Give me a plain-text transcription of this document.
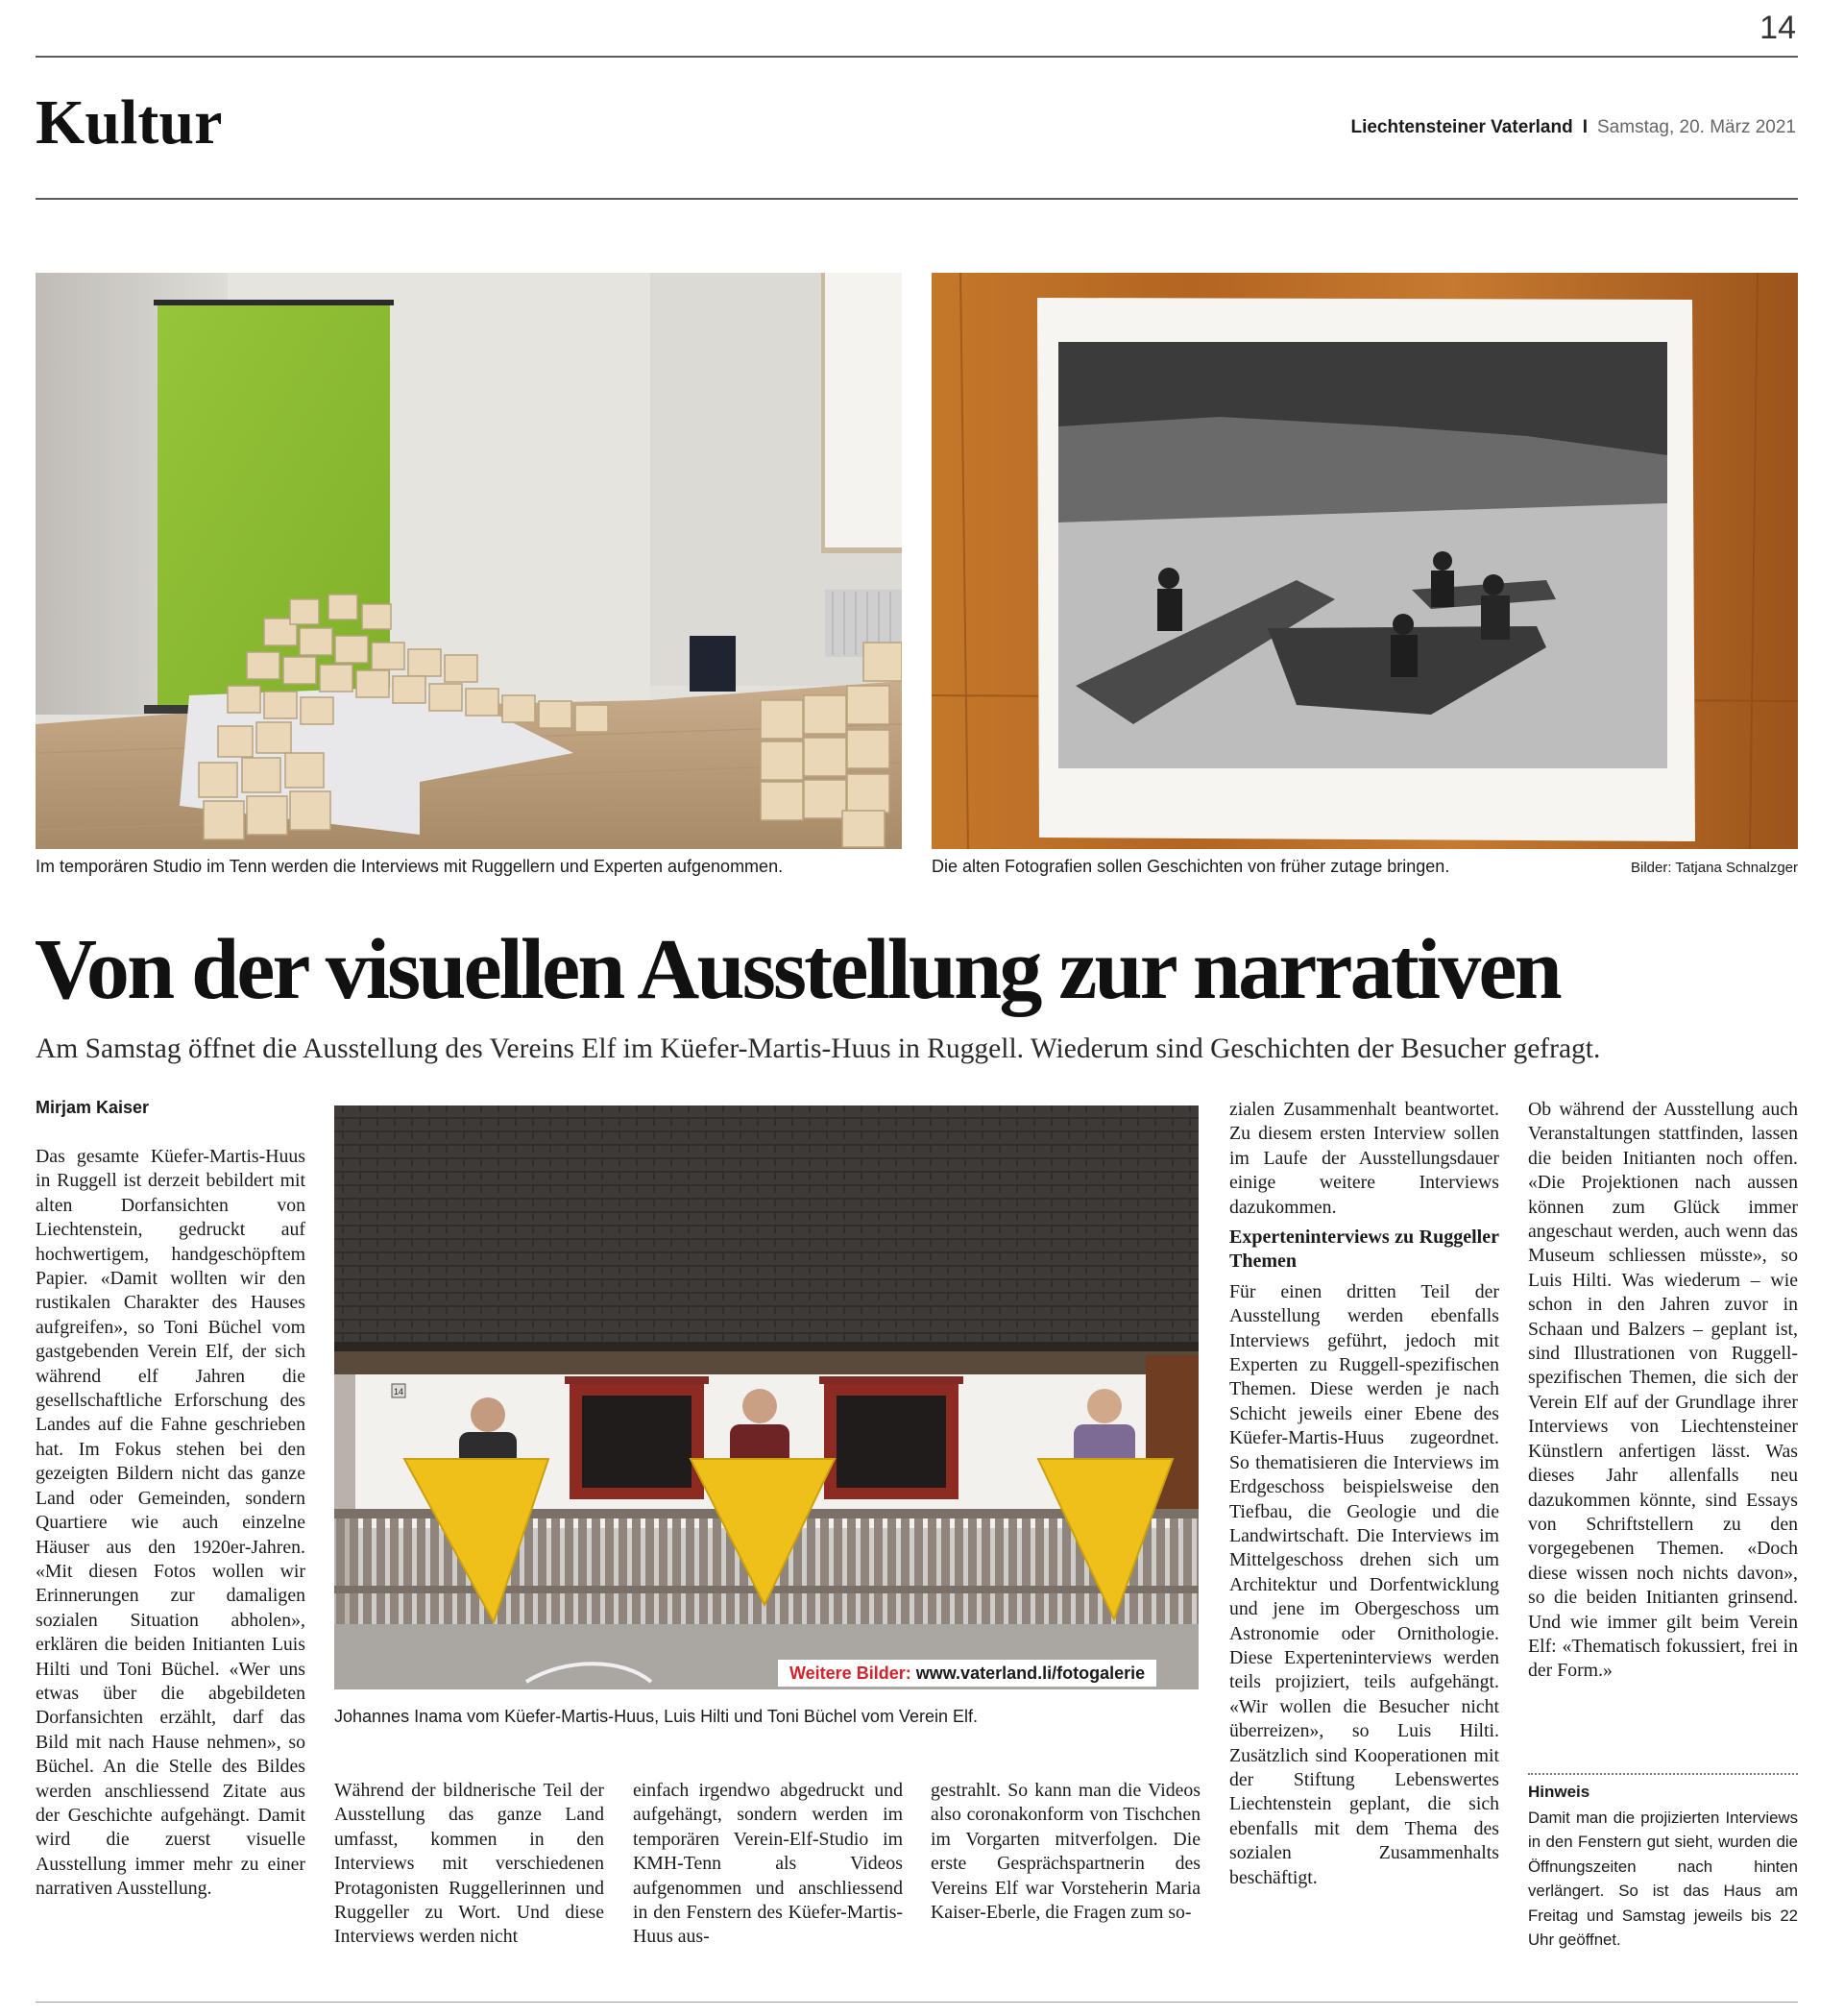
14
Kultur	Liechtensteiner Vaterland I Samstag, 20. März 2021
Im temporären Studio im Tenn werden die Interviews mit Ruggellern und Experten aufgenommen.	Die alten Fotografien sollen Geschichten von früher zutage bringen.	Bilder: Tatjana Schnalzger
Von der visuellen Ausstellung zur narrativen
Am Samstag öffnet die Ausstellung des Vereins Elf im Küefer-Martis-Huus in Ruggell. Wiederum sind Geschichten der Besucher gefragt.
Mirjam Kaiser

Das gesamte Küefer-Martis-Huus in Ruggell ist derzeit bebildert mit alten Dorfansichten von Liechtenstein, gedruckt auf hochwertigem, handgeschöpftem Papier. «Damit wollten wir den rustikalen Charakter des Hauses aufgreifen», so Toni Büchel vom gastgebenden Verein Elf, der sich während elf Jahren die gesellschaftliche Erforschung des Landes auf die Fahne geschrieben hat. Im Fokus stehen bei den gezeigten Bildern nicht das ganze Land oder Gemeinden, sondern Quartiere wie auch einzelne Häuser aus den 1920er-Jahren. «Mit diesen Fotos wollen wir Erinnerungen zur damaligen sozialen Situation abholen», erklären die beiden Initianten Luis Hilti und Toni Büchel. «Wer uns etwas über die abgebildeten Dorfansichten erzählt, darf das Bild mit nach Hause nehmen», so Büchel. An die Stelle des Bildes werden anschliessend Zitate aus der Geschichte aufgehängt. Damit wird die zuerst visuelle Ausstellung immer mehr zu einer narrativen Ausstellung.

14
Weitere Bilder: www.vaterland.li/fotogalerie
Johannes Inama vom Küefer-Martis-Huus, Luis Hilti und Toni Büchel vom Verein Elf.

Während der bildnerische Teil der Ausstellung das ganze Land umfasst, kommen in den Interviews mit verschiedenen Protagonisten Ruggellerinnen und Ruggeller zu Wort. Und diese Interviews werden nicht

einfach irgendwo abgedruckt und aufgehängt, sondern werden im temporären Verein-Elf-Studio im KMH-Tenn als Videos aufgenommen und anschliessend in den Fenstern des Küefer-Martis-Huus aus-

gestrahlt. So kann man die Videos also coronakonform von Tischchen im Vorgarten mitverfolgen. Die erste Gesprächspartnerin des Vereins Elf war Vorsteherin Maria Kaiser-Eberle, die Fragen zum so-

zialen Zusammenhalt beantwortet. Zu diesem ersten Interview sollen im Laufe der Ausstellungsdauer einige weitere Interviews dazukommen.

Experteninterviews zu Ruggeller Themen

Für einen dritten Teil der Ausstellung werden ebenfalls Interviews geführt, jedoch mit Experten zu Ruggell-spezifischen Themen. Diese werden je nach Schicht jeweils einer Ebene des Küefer-Martis-Huus zugeordnet. So thematisieren die Interviews im Erdgeschoss beispielsweise den Tiefbau, die Geologie und die Landwirtschaft. Die Interviews im Mittelgeschoss drehen sich um Architektur und Dorfentwicklung und jene im Obergeschoss um Astronomie oder Ornithologie. Diese Experteninterviews werden teils projiziert, teils aufgehängt. «Wir wollen die Besucher nicht überreizen», so Luis Hilti. Zusätzlich sind Kooperationen mit der Stiftung Lebenswertes Liechtenstein geplant, die sich ebenfalls mit dem Thema des sozialen Zusammenhalts beschäftigt.

Ob während der Ausstellung auch Veranstaltungen stattfinden, lassen die beiden Initianten noch offen. «Die Projektionen nach aussen können zum Glück immer angeschaut werden, auch wenn das Museum schliessen müsste», so Luis Hilti. Was wiederum – wie schon in den Jahren zuvor in Schaan und Balzers – geplant ist, sind Illustrationen von Ruggell-spezifischen Themen, die sich der Verein Elf auf der Grundlage ihrer Interviews von Liechtensteiner Künstlern anfertigen lässt. Was dieses Jahr allenfalls neu dazukommen könnte, sind Essays von Schriftstellern zu den vorgegebenen Themen. «Doch diese wissen noch nichts davon», so die beiden Initianten grinsend. Und wie immer gilt beim Verein Elf: «Thematisch fokussiert, frei in der Form.»

Hinweis
Damit man die projizierten Interviews in den Fenstern gut sieht, wurden die Öffnungszeiten nach hinten verlängert. So ist das Haus am Freitag und Samstag jeweils bis 22 Uhr geöffnet.
